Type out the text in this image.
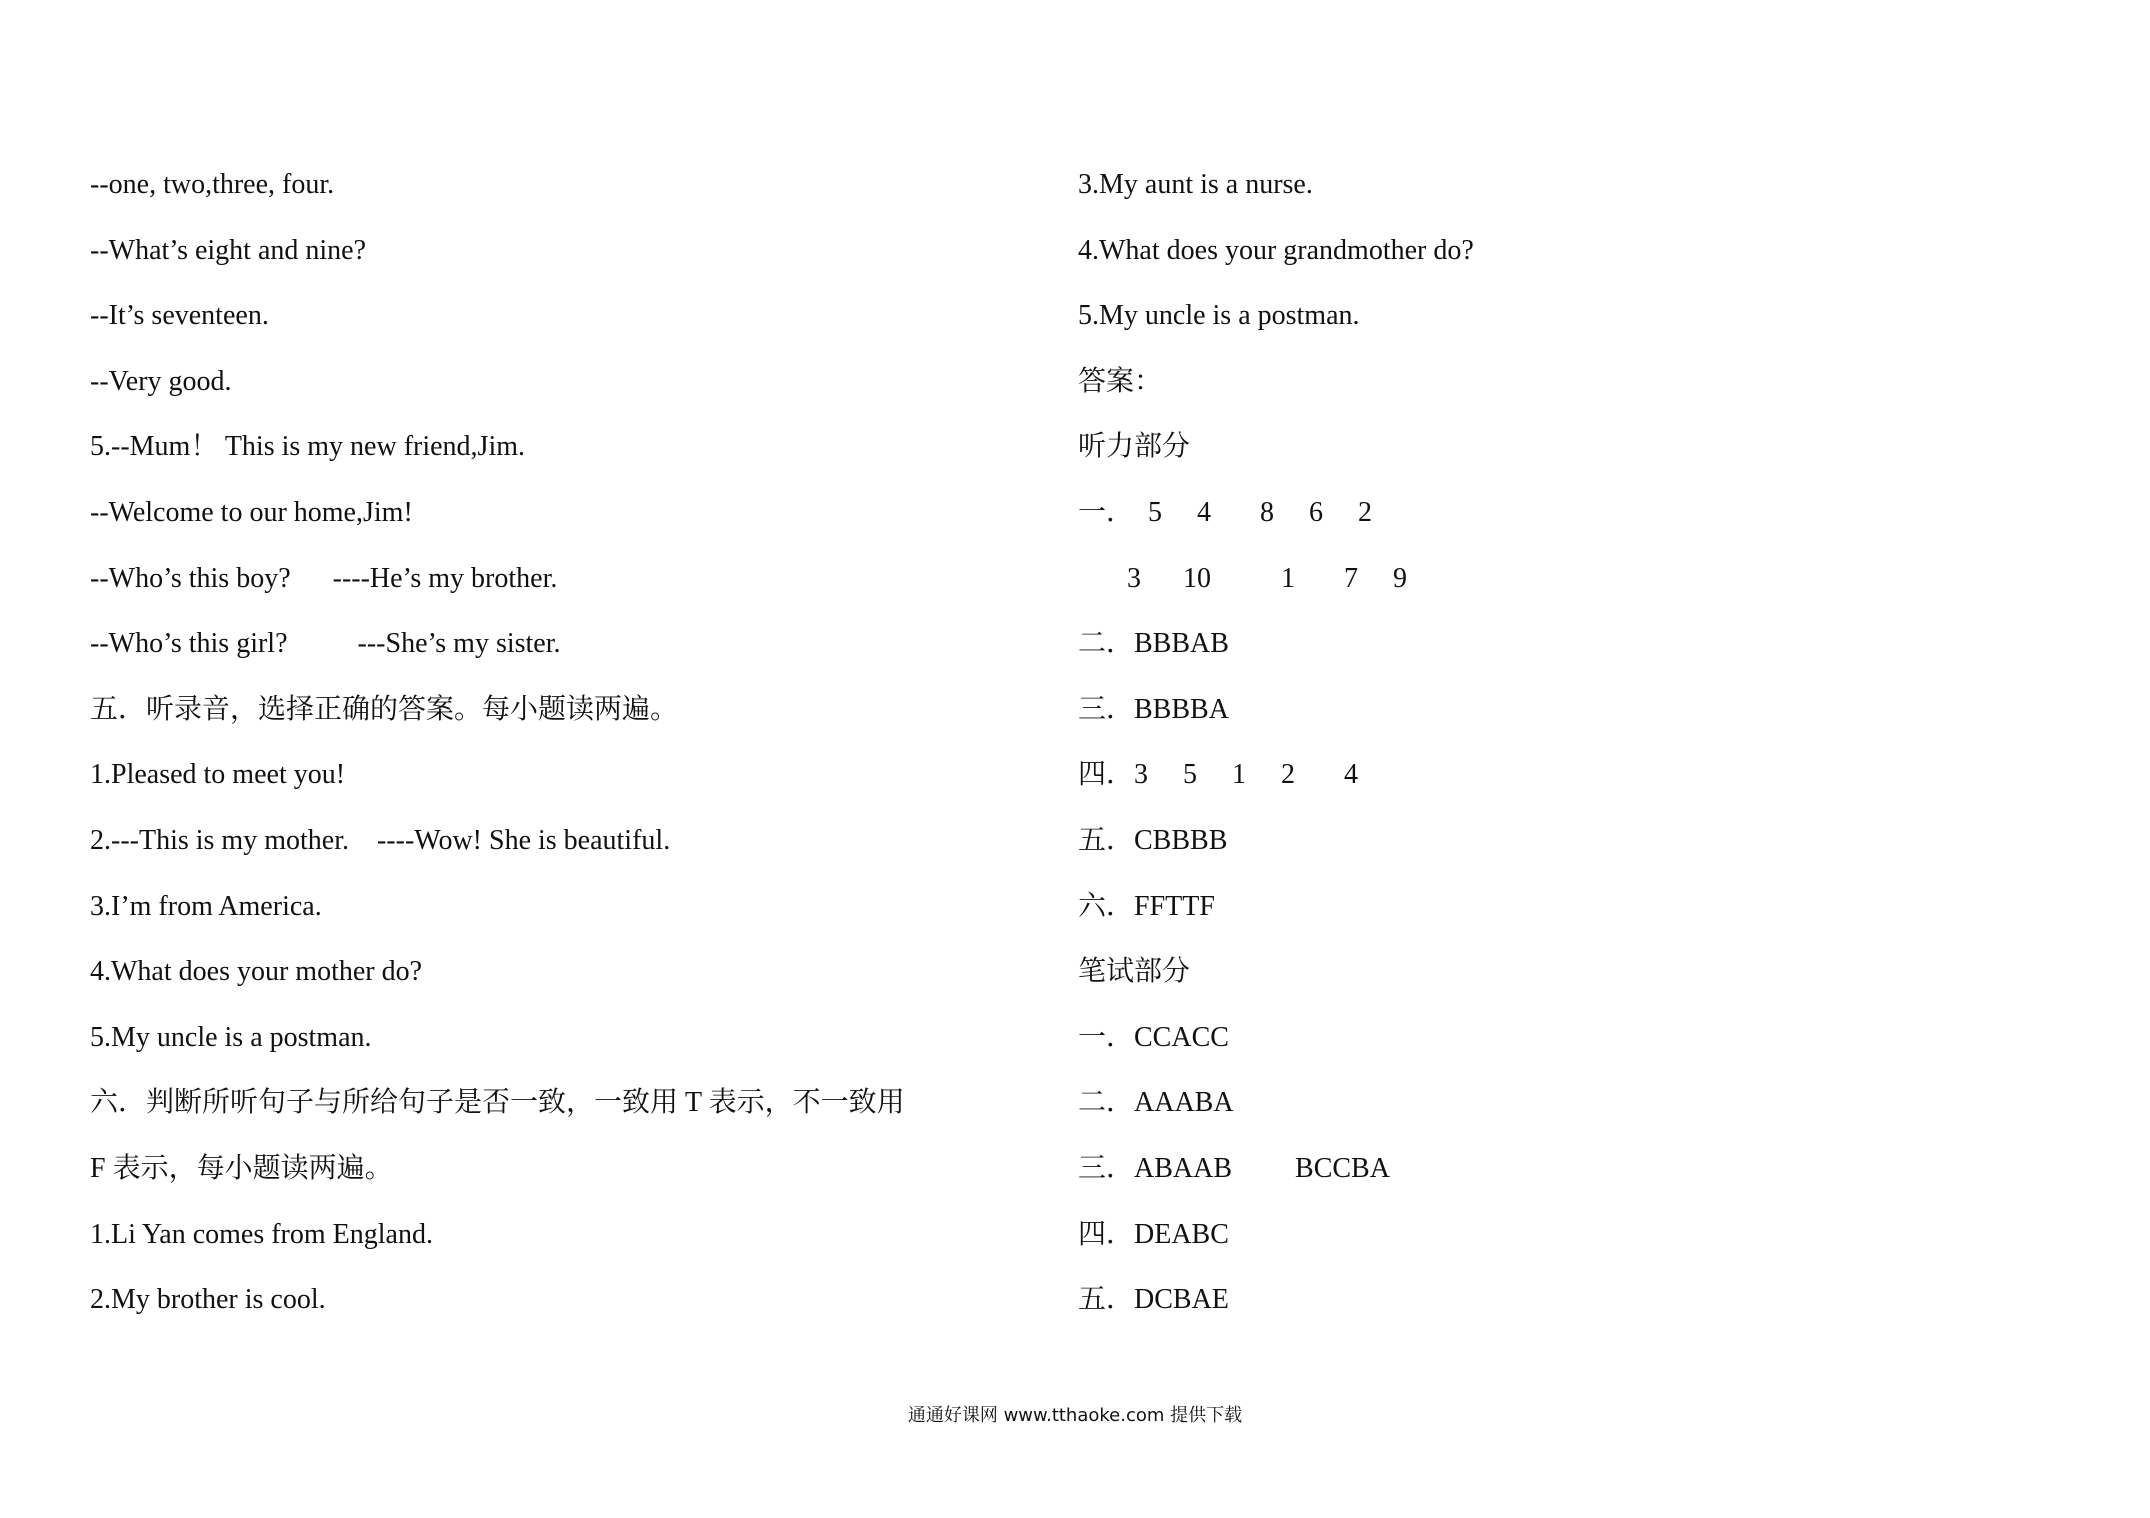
--one, two,three, four.
--What’s eight and nine?
--It’s seventeen.
--Very good.
5.--Mum！ This is my new friend,Jim.
--Welcome to our home,Jim!
--Who’s this boy?      ----He’s my brother.
--Who’s this girl?          ---She’s my sister.
五．听录音，选择正确的答案。每小题读两遍。
1.Pleased to meet you!
2.---This is my mother.    ----Wow! She is beautiful.
3.I’m from America.
4.What does your mother do?
5.My uncle is a postman.
六．判断所听句子与所给句子是否一致，一致用 T 表示，不一致用
F 表示，每小题读两遍。
1.Li Yan comes from England.
2.My brother is cool.
3.My aunt is a nurse.
4.What does your grandmother do?
5.My uncle is a postman.
答案：
听力部分
一．  5     4       8     6     2
3      10          1       7     9
二．BBBAB
三．BBBBA
四．3     5     1     2       4
五．CBBBB
六．FFTTF
笔试部分
一．CCACC
二．AAABA
三．ABAAB         BCCBA
四．DEABC
五．DCBAE
通通好课网 www.tthaoke.com 提供下载
